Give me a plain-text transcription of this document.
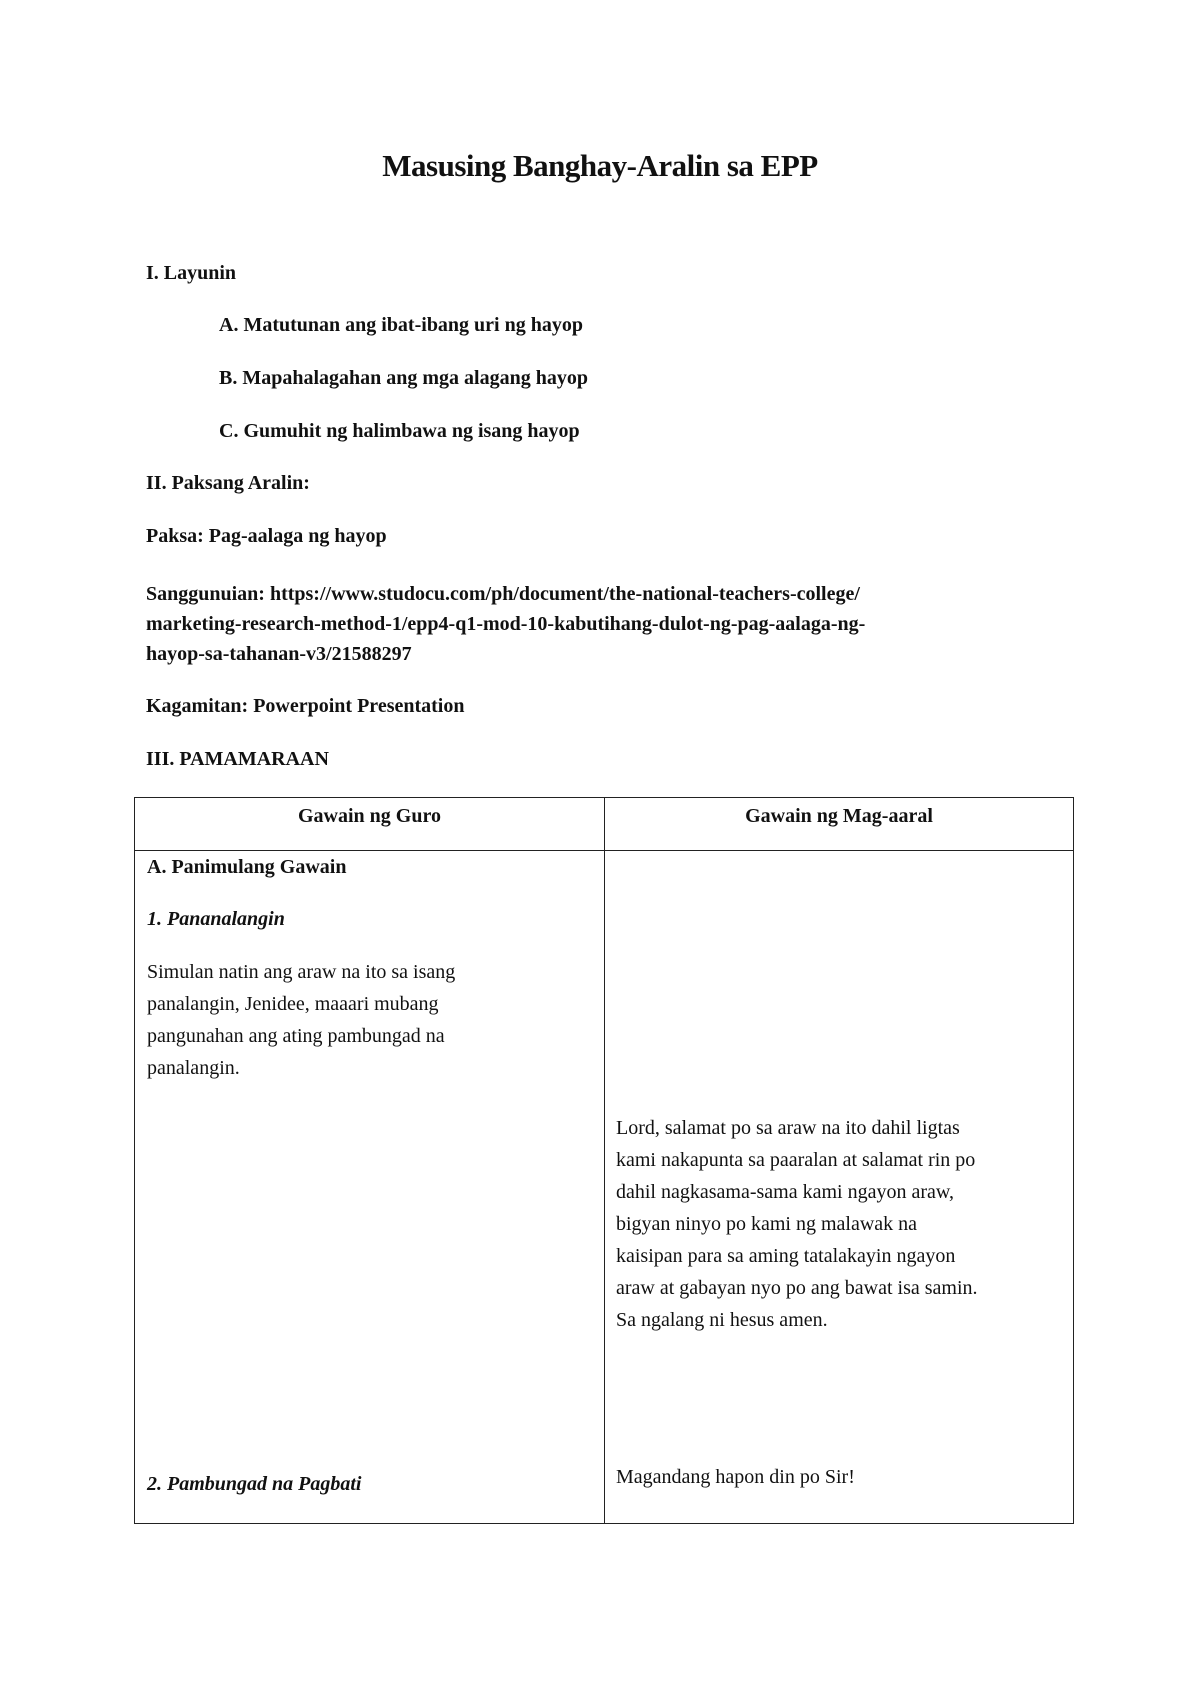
Masusing Banghay-Aralin sa EPP
I. Layunin
A. Matutunan ang ibat-ibang uri ng hayop
B. Mapahalagahan ang mga alagang hayop
C. Gumuhit ng halimbawa ng isang hayop
II. Paksang Aralin:
Paksa: Pag-aalaga ng hayop
Sanggunuian: https://www.studocu.com/ph/document/the-national-teachers-college/
marketing-research-method-1/epp4-q1-mod-10-kabutihang-dulot-ng-pag-aalaga-ng-
hayop-sa-tahanan-v3/21588297
Kagamitan: Powerpoint Presentation
III. PAMAMARAAN
Gawain ng Guro	Gawain ng Mag-aaral
A. Panimulang Gawain
1. Pananalangin
Simulan natin ang araw na ito sa isang
panalangin, Jenidee, maaari mubang
pangunahan ang ating pambungad na
panalangin.
Lord, salamat po sa araw na ito dahil ligtas
kami nakapunta sa paaralan at salamat rin po
dahil nagkasama-sama kami ngayon araw,
bigyan ninyo po kami ng malawak na
kaisipan para sa aming tatalakayin ngayon
araw at gabayan nyo po ang bawat isa samin.
Sa ngalang ni hesus amen.
2. Pambungad na Pagbati	Magandang hapon din po Sir!
